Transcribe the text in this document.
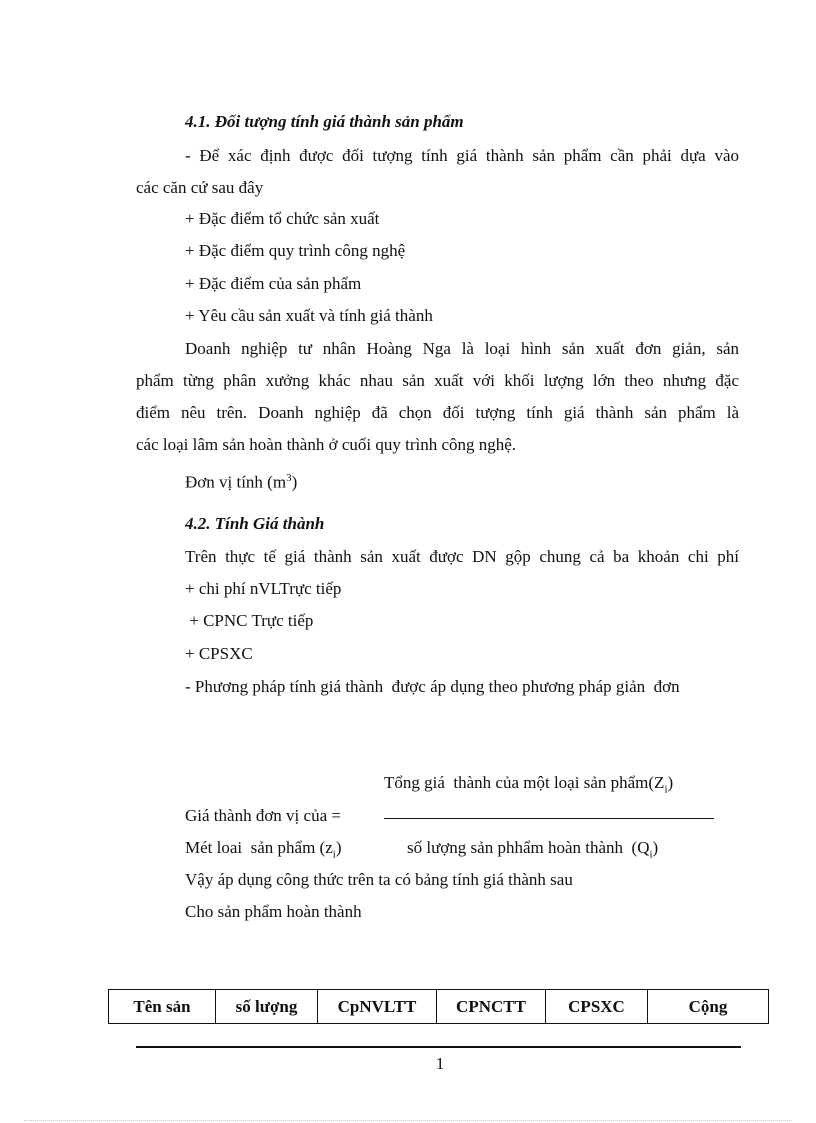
4.1. Đối tượng tính giá thành sản phẩm
- Để xác định được đối tượng tính giá thành sản phẩm cần phải dựa vào
các căn cứ sau đây
+ Đặc điểm tổ chức sản xuất
+ Đặc điểm quy trình công nghệ
+ Đặc điểm của sản phẩm
+ Yêu cầu sản xuất và tính giá thành
Doanh nghiệp tư nhân Hoàng Nga là loại hình sản xuất đơn giản, sản
phẩm từng phân xưởng khác nhau sản xuất với khối lượng lớn theo nhưng đặc
điểm nêu trên. Doanh nghiệp đã chọn đối tượng tính giá thành sản phẩm là
các loại lâm sản hoàn thành ở cuối quy trình công nghệ.
Đơn vị tính $(m^3)$
4.2. Tính Giá thành
Trên thực tế giá thành sản xuất được DN gộp chung cả ba khoản chi phí
+ chi phí nVLTrực tiếp
+ CPNC Trực tiếp
+ CPSXC
- Phương pháp tính giá thành  được áp dụng theo phương pháp giản  đơn
Tổng giá  thành của một loại sản $phẩm(Z_i)$
Giá thành đơn vị của =
Mét loai  sản phẩm $(z_i)$	số lượng sản phhẩm hoàn thành  $(Q_i)$
Vậy áp dụng công thức trên ta có bảng tính giá thành sau
Cho sản phẩm hoàn thành
Tên sản	số lượng	CpNVLTT	CPNCTT	CPSXC	Cộng
1
